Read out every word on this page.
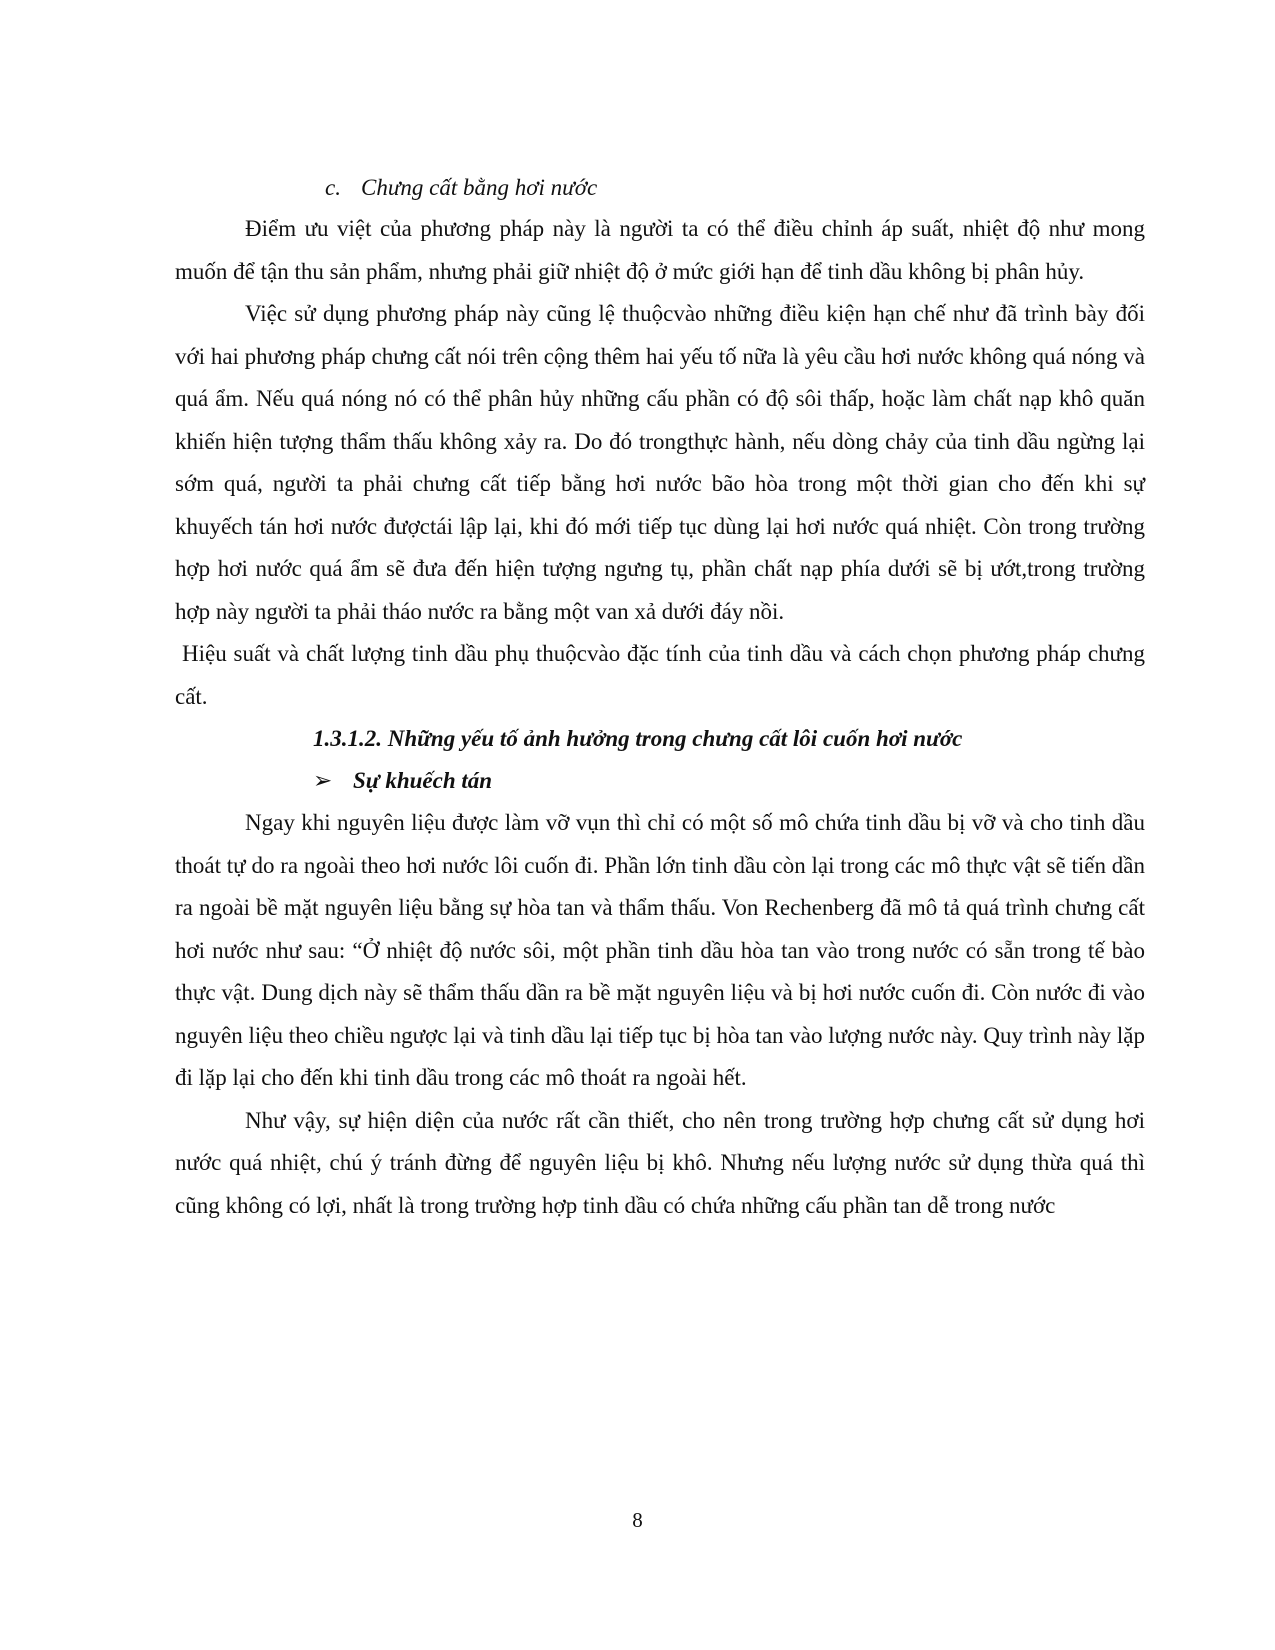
c. Chưng cất bằng hơi nước

Điểm ưu việt của phương pháp này là người ta có thể điều chỉnh áp suất, nhiệt độ như mong muốn để tận thu sản phẩm, nhưng phải giữ nhiệt độ ở mức giới hạn để tinh dầu không bị phân hủy.

Việc sử dụng phương pháp này cũng lệ thuộcvào những điều kiện hạn chế như đã trình bày đối với hai phương pháp chưng cất nói trên cộng thêm hai yếu tố nữa là yêu cầu hơi nước không quá nóng và quá ẩm. Nếu quá nóng nó có thể phân hủy những cấu phần có độ sôi thấp, hoặc làm chất nạp khô quăn khiến hiện tượng thẩm thấu không xảy ra. Do đó trongthực hành, nếu dòng chảy của tinh dầu ngừng lại sớm quá, người ta phải chưng cất tiếp bằng hơi nước bão hòa trong một thời gian cho đến khi sự khuyếch tán hơi nước đượctái lập lại, khi đó mới tiếp tục dùng lại hơi nước quá nhiệt. Còn trong trường hợp hơi nước quá ẩm sẽ đưa đến hiện tượng ngưng tụ, phần chất nạp phía dưới sẽ bị ướt,trong trường hợp này người ta phải tháo nước ra bằng một van xả dưới đáy nồi.

Hiệu suất và chất lượng tinh dầu phụ thuộcvào đặc tính của tinh dầu và cách chọn phương pháp chưng cất.

1.3.1.2. Những yếu tố ảnh hưởng trong chưng cất lôi cuốn hơi nước

➢ Sự khuếch tán

Ngay khi nguyên liệu được làm vỡ vụn thì chỉ có một số mô chứa tinh dầu bị vỡ và cho tinh dầu thoát tự do ra ngoài theo hơi nước lôi cuốn đi. Phần lớn tinh dầu còn lại trong các mô thực vật sẽ tiến dần ra ngoài bề mặt nguyên liệu bằng sự hòa tan và thẩm thấu. Von Rechenberg đã mô tả quá trình chưng cất hơi nước như sau: “Ở nhiệt độ nước sôi, một phần tinh dầu hòa tan vào trong nước có sẵn trong tế bào thực vật. Dung dịch này sẽ thẩm thấu dần ra bề mặt nguyên liệu và bị hơi nước cuốn đi. Còn nước đi vào nguyên liệu theo chiều ngược lại và tinh dầu lại tiếp tục bị hòa tan vào lượng nước này. Quy trình này lặp đi lặp lại cho đến khi tinh dầu trong các mô thoát ra ngoài hết.

Như vậy, sự hiện diện của nước rất cần thiết, cho nên trong trường hợp chưng cất sử dụng hơi nước quá nhiệt, chú ý tránh đừng để nguyên liệu bị khô. Nhưng nếu lượng nước sử dụng thừa quá thì cũng không có lợi, nhất là trong trường hợp tinh dầu có chứa những cấu phần tan dễ trong nước

8
